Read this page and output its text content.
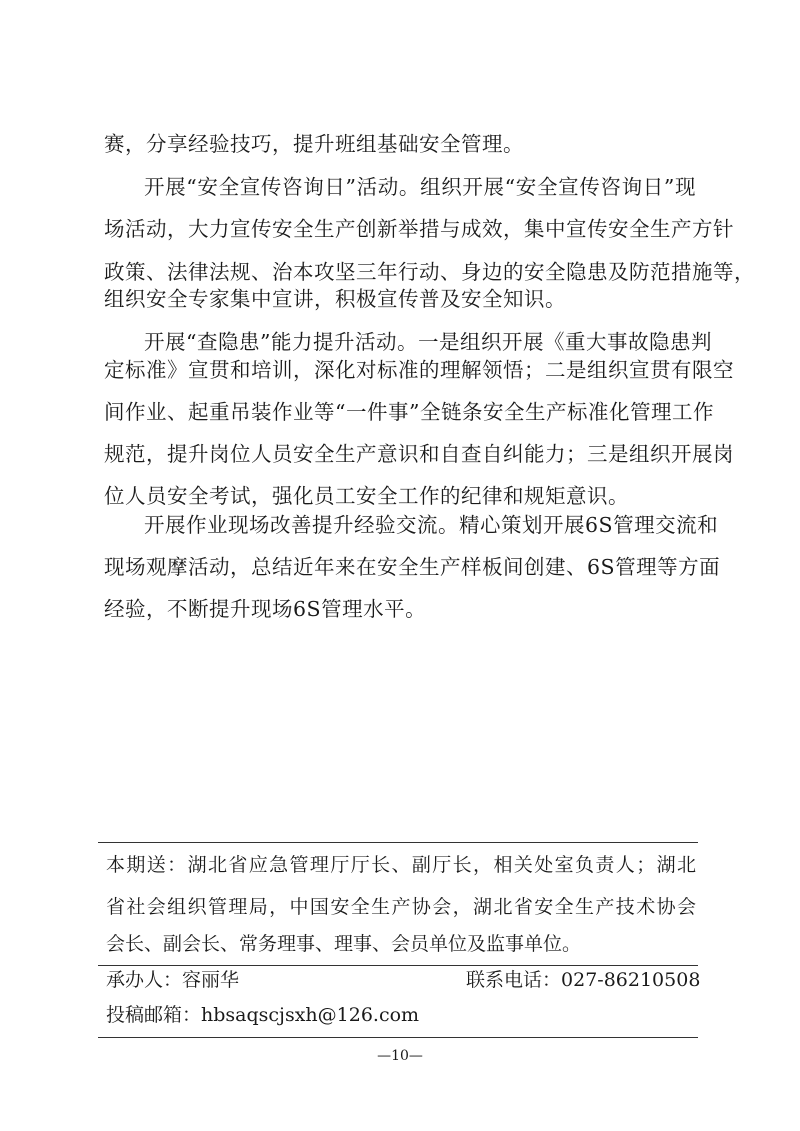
赛，分享经验技巧，提升班组基础安全管理。
开展“安全宣传咨询日”活动。组织开展“安全宣传咨询日”现
场活动，大力宣传安全生产创新举措与成效，集中宣传安全生产方针
政策、法律法规、治本攻坚三年行动、身边的安全隐患及防范措施等，
组织安全专家集中宣讲，积极宣传普及安全知识。
开展“查隐患”能力提升活动。一是组织开展《重大事故隐患判
定标准》宣贯和培训，深化对标准的理解领悟；二是组织宣贯有限空
间作业、起重吊装作业等“一件事”全链条安全生产标准化管理工作
规范，提升岗位人员安全生产意识和自查自纠能力；三是组织开展岗
位人员安全考试，强化员工安全工作的纪律和规矩意识。
开展作业现场改善提升经验交流。精心策划开展6S管理交流和
现场观摩活动，总结近年来在安全生产样板间创建、6S管理等方面
经验，不断提升现场6S管理水平。
本期送：湖北省应急管理厅厅长、副厅长，相关处室负责人；湖北
省社会组织管理局，中国安全生产协会，湖北省安全生产技术协会
会长、副会长、常务理事、理事、会员单位及监事单位。
承办人：容丽华	联系电话：027-86210508
投稿邮箱：hbsaqscjsxh@126.com
—10—
